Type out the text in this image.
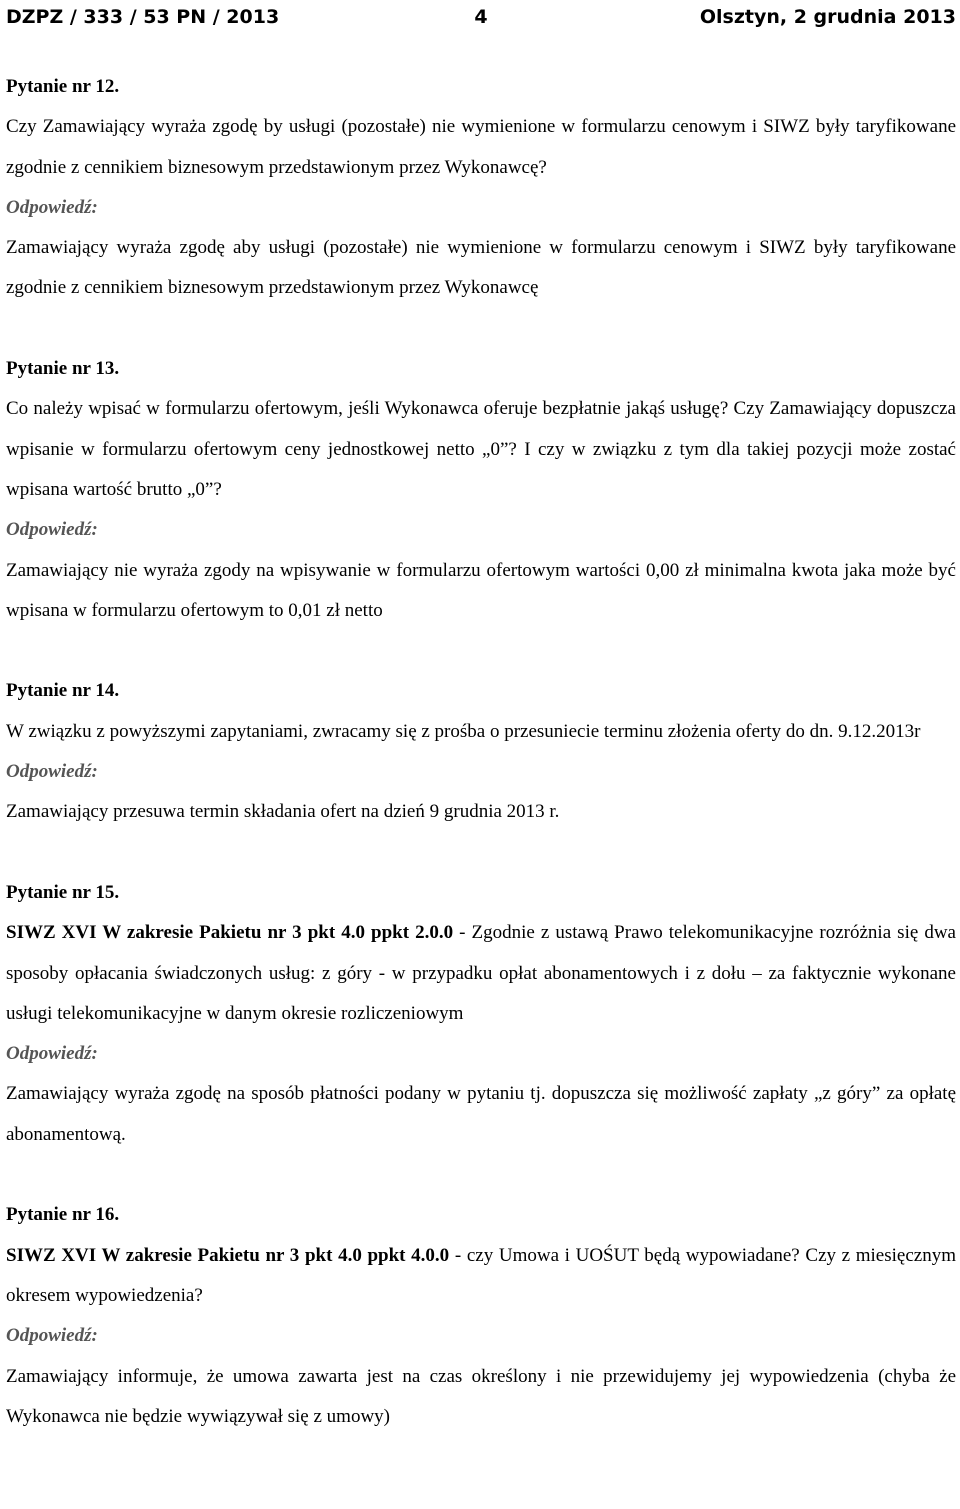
4
DZPZ / 333 / 53 PN / 2013	Olsztyn, 2 grudnia 2013

Pytanie nr 12.

Czy Zamawiający wyraża zgodę by usługi (pozostałe) nie wymienione w formularzu cenowym i SIWZ były taryfikowane zgodnie z cennikiem biznesowym przedstawionym przez Wykonawcę?

Odpowiedź:

Zamawiający wyraża zgodę aby usługi (pozostałe) nie wymienione w formularzu cenowym i SIWZ były taryfikowane zgodnie z cennikiem biznesowym przedstawionym przez Wykonawcę

Pytanie nr 13.

Co należy wpisać w formularzu ofertowym, jeśli Wykonawca oferuje bezpłatnie jakąś usługę? Czy Zamawiający dopuszcza wpisanie w formularzu ofertowym ceny jednostkowej netto „0”? I czy w związku z tym dla takiej pozycji może zostać wpisana wartość brutto „0”?

Odpowiedź:

Zamawiający nie wyraża zgody na wpisywanie w formularzu ofertowym wartości 0,00 zł minimalna kwota jaka może być wpisana w formularzu ofertowym to 0,01 zł netto

Pytanie nr 14.

W związku z powyższymi zapytaniami, zwracamy się z prośba o przesuniecie terminu złożenia oferty do dn. 9.12.2013r

Odpowiedź:

Zamawiający przesuwa termin składania ofert na dzień 9 grudnia 2013 r.

Pytanie nr 15.

SIWZ XVI W zakresie Pakietu nr 3 pkt 4.0 ppkt 2.0.0 - Zgodnie z ustawą Prawo telekomunikacyjne rozróżnia się dwa sposoby opłacania świadczonych usług: z góry - w przypadku opłat abonamentowych i z dołu – za faktycznie wykonane usługi telekomunikacyjne w danym okresie rozliczeniowym

Odpowiedź:

Zamawiający wyraża zgodę na sposób płatności podany w pytaniu tj. dopuszcza się możliwość zapłaty „z góry” za opłatę abonamentową.

Pytanie nr 16.

SIWZ XVI W zakresie Pakietu nr 3 pkt 4.0 ppkt 4.0.0 - czy Umowa i UOŚUT będą wypowiadane? Czy z miesięcznym okresem wypowiedzenia?

Odpowiedź:

Zamawiający informuje, że umowa zawarta jest na czas określony i nie przewidujemy jej wypowiedzenia (chyba że Wykonawca nie będzie wywiązywał się z umowy)
